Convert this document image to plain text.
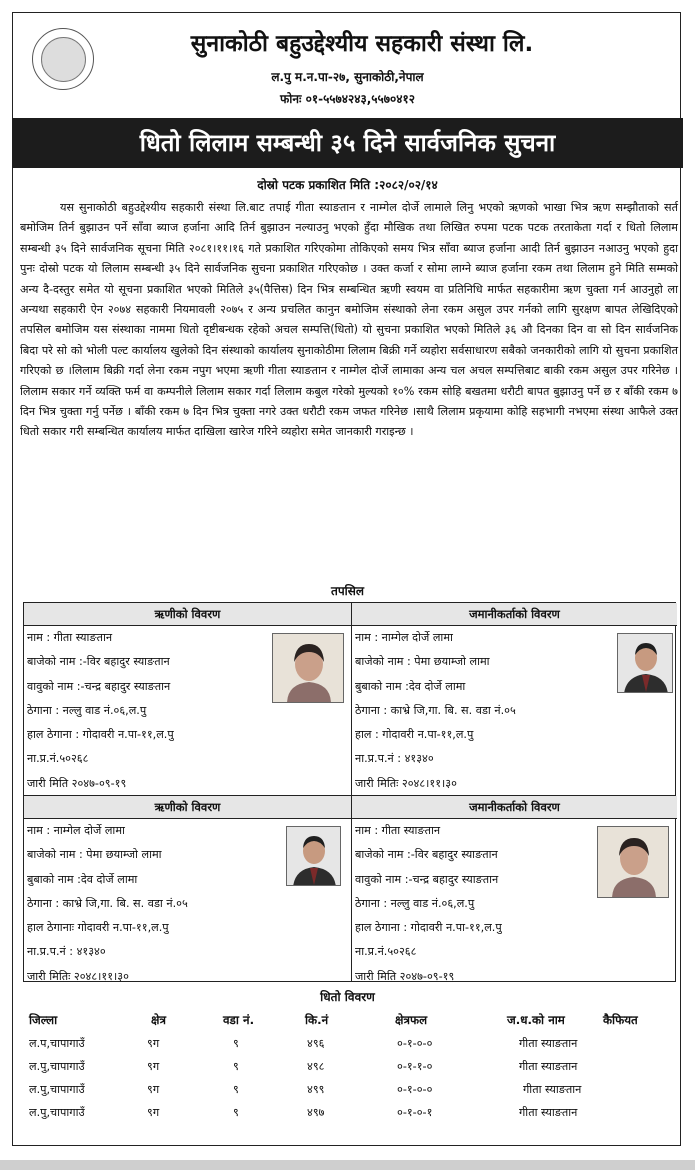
सुनाकोठी बहुउद्देश्यीय सहकारी संस्था लि.
ल.पु म.न.पा-२७, सुनाकोठी,नेपाल
फोनः ०१-५५७४२४३,५५७०४१२
धितो लिलाम सम्बन्धी ३५ दिने सार्वजनिक सुचना
दोस्रो पटक प्रकाशित मिति :२०८२/०२/१४
यस सुनाकोठी बहुउद्देश्यीय सहकारी संस्था लि.बाट तपाई गीता स्याङतान र नाम्गेल दोर्जे लामाले लिनु भएको ऋणको भाखा भित्र ऋण सम्झौताको सर्त बमोजिम तिर्न बुझाउन पर्ने साँवा ब्याज हर्जाना आदि तिर्न बुझाउन नल्याउनु भएको हुँदा मौखिक तथा लिखित रुपमा पटक पटक तरताकेता गर्दा र धितो लिलाम सम्बन्धी ३५ दिने सार्वजनिक सूचना मिति २०८१।११।१६ गते प्रकाशित गरिएकोमा तोकिएको समय भित्र साँवा ब्याज हर्जाना आदी तिर्न बुझाउन नआउनु भएको हुदा पुनः दोस्रो पटक यो लिलाम सम्बन्धी ३५ दिने सार्वजनिक सुचना प्रकाशित गरिएकोछ । उक्त कर्जा र सोमा लाग्ने ब्याज हर्जाना रकम तथा लिलाम हुने मिति सम्मको अन्य दै-दस्तुर समेत यो सूचना प्रकाशित भएको मितिले ३५(पैत्तिस) दिन भित्र सम्बन्धित ऋणी स्वयम वा प्रतिनिधि मार्फत सहकारीमा ऋण चुक्ता गर्न आउनुहो ला अन्यथा सहकारी ऐन २०७४ सहकारी नियमावली २०७५ र अन्य प्रचलित कानुन बमोजिम संस्थाको लेना रकम असुल उपर गर्नको लागि सुरक्षण बापत लेखिदिएको तपसिल बमोजिम यस संस्थाका नाममा धितो दृष्टीबन्धक रहेको अचल सम्पत्ति(धितो) यो सुचना प्रकाशित भएको मितिले ३६ औ दिनका दिन वा सो दिन सार्वजनिक बिदा परे सो को भोली पल्ट कार्यालय खुलेको दिन संस्थाको कार्यालय सुनाकोठीमा लिलाम बिक्री गर्ने व्यहोरा सर्वसाधारण सबैको जनकारीको लागि यो सुचना प्रकाशित गरिएको छ ।लिलाम बिक्री गर्दा लेना रकम नपुग भएमा ऋणी गीता स्याङतान र नाम्गेल दोर्जे लामाका अन्य चल अचल सम्पत्तिबाट बाकी रकम असुल उपर गरिनेछ । लिलाम सकार गर्ने व्यक्ति फर्म वा कम्पनीले लिलाम सकार गर्दा लिलाम कबुल गरेको मुल्यको १०% रकम सोहि बखतमा धरौटी बापत बुझाउनु पर्ने छ र बाँकी रकम ७ दिन भित्र चुक्ता गर्नु पर्नेछ । बाँकी रकम ७ दिन भित्र चुक्ता नगरे उक्त धरौटी रकम जफत गरिनेछ ।साथै लिलाम प्रकृयामा कोहि सहभागी नभएमा संस्था आफैले उक्त धितो सकार गरी सम्बन्धित कार्यालय मार्फत दाखिला खारेज गरिने व्यहोरा समेत जानकारी गराइन्छ ।
तपसिल
ऋणीको विवरण
नाम : गीता स्याङतान
बाजेको नाम :-विर बहादुर स्याङतान
वावुको नाम :-चन्द्र बहादुर स्याङतान
ठेगाना : नल्लु वाड नं.०६,ल.पु
हाल ठेगाना : गोदावरी न.पा-११,ल.पु
ना.प्र.नं.५०२६८
जारी मिति २०४७-०९-१९
जमानीकर्ताको विवरण
नाम : नाम्गेल दोर्जे लामा
बाजेको नाम : पेमा छयाम्जो लामा
बुबाको नाम :देव दोर्जे लामा
ठेगाना : काभ्रे जि,गा. बि. स. वडा नं.०५
हाल : गोदावरी न.पा-११,ल.पु
ना.प्र.प.नं : ४१३४०
जारी मितिः २०४८।११।३०
ऋणीको विवरण
नाम : नाम्गेल दोर्जे लामा
बाजेको नाम : पेमा छयाम्जो लामा
बुबाको नाम :देव दोर्जे लामा
ठेगाना : काभ्रे जि,गा. बि. स. वडा नं.०५
हाल ठेगानाः गोदावरी न.पा-११,ल.पु
ना.प्र.प.नं : ४१३४०
जारी मितिः २०४८।११।३०
जमानीकर्ताको विवरण
नाम : गीता स्याङतान
बाजेको नाम :-विर बहादुर स्याङतान
वावुको नाम :-चन्द्र बहादुर स्याङतान
ठेगाना : नल्लु वाड नं.०६,ल.पु
हाल ठेगाना : गोदावरी न.पा-११,ल.पु
ना.प्र.नं.५०२६८
जारी मिति २०४७-०९-१९
धितो विवरण
जिल्ला	क्षेत्र	वडा नं.	कि.नं	क्षेत्रफल	ज.ध.को नाम	कैफियत
ल.प,चापागाउँ	९ग	९	४९६	०-१-०-०	गीता स्याङतान
ल.पु,चापागाउँ	९ग	९	४९८	०-१-१-०	गीता स्याङतान
ल.पु,चापागाउँ	९ग	९	४९९	०-१-०-०	गीता स्याङतान
ल.पु,चापागाउँ	९ग	९	४९७	०-१-०-१	गीता स्याङतान
